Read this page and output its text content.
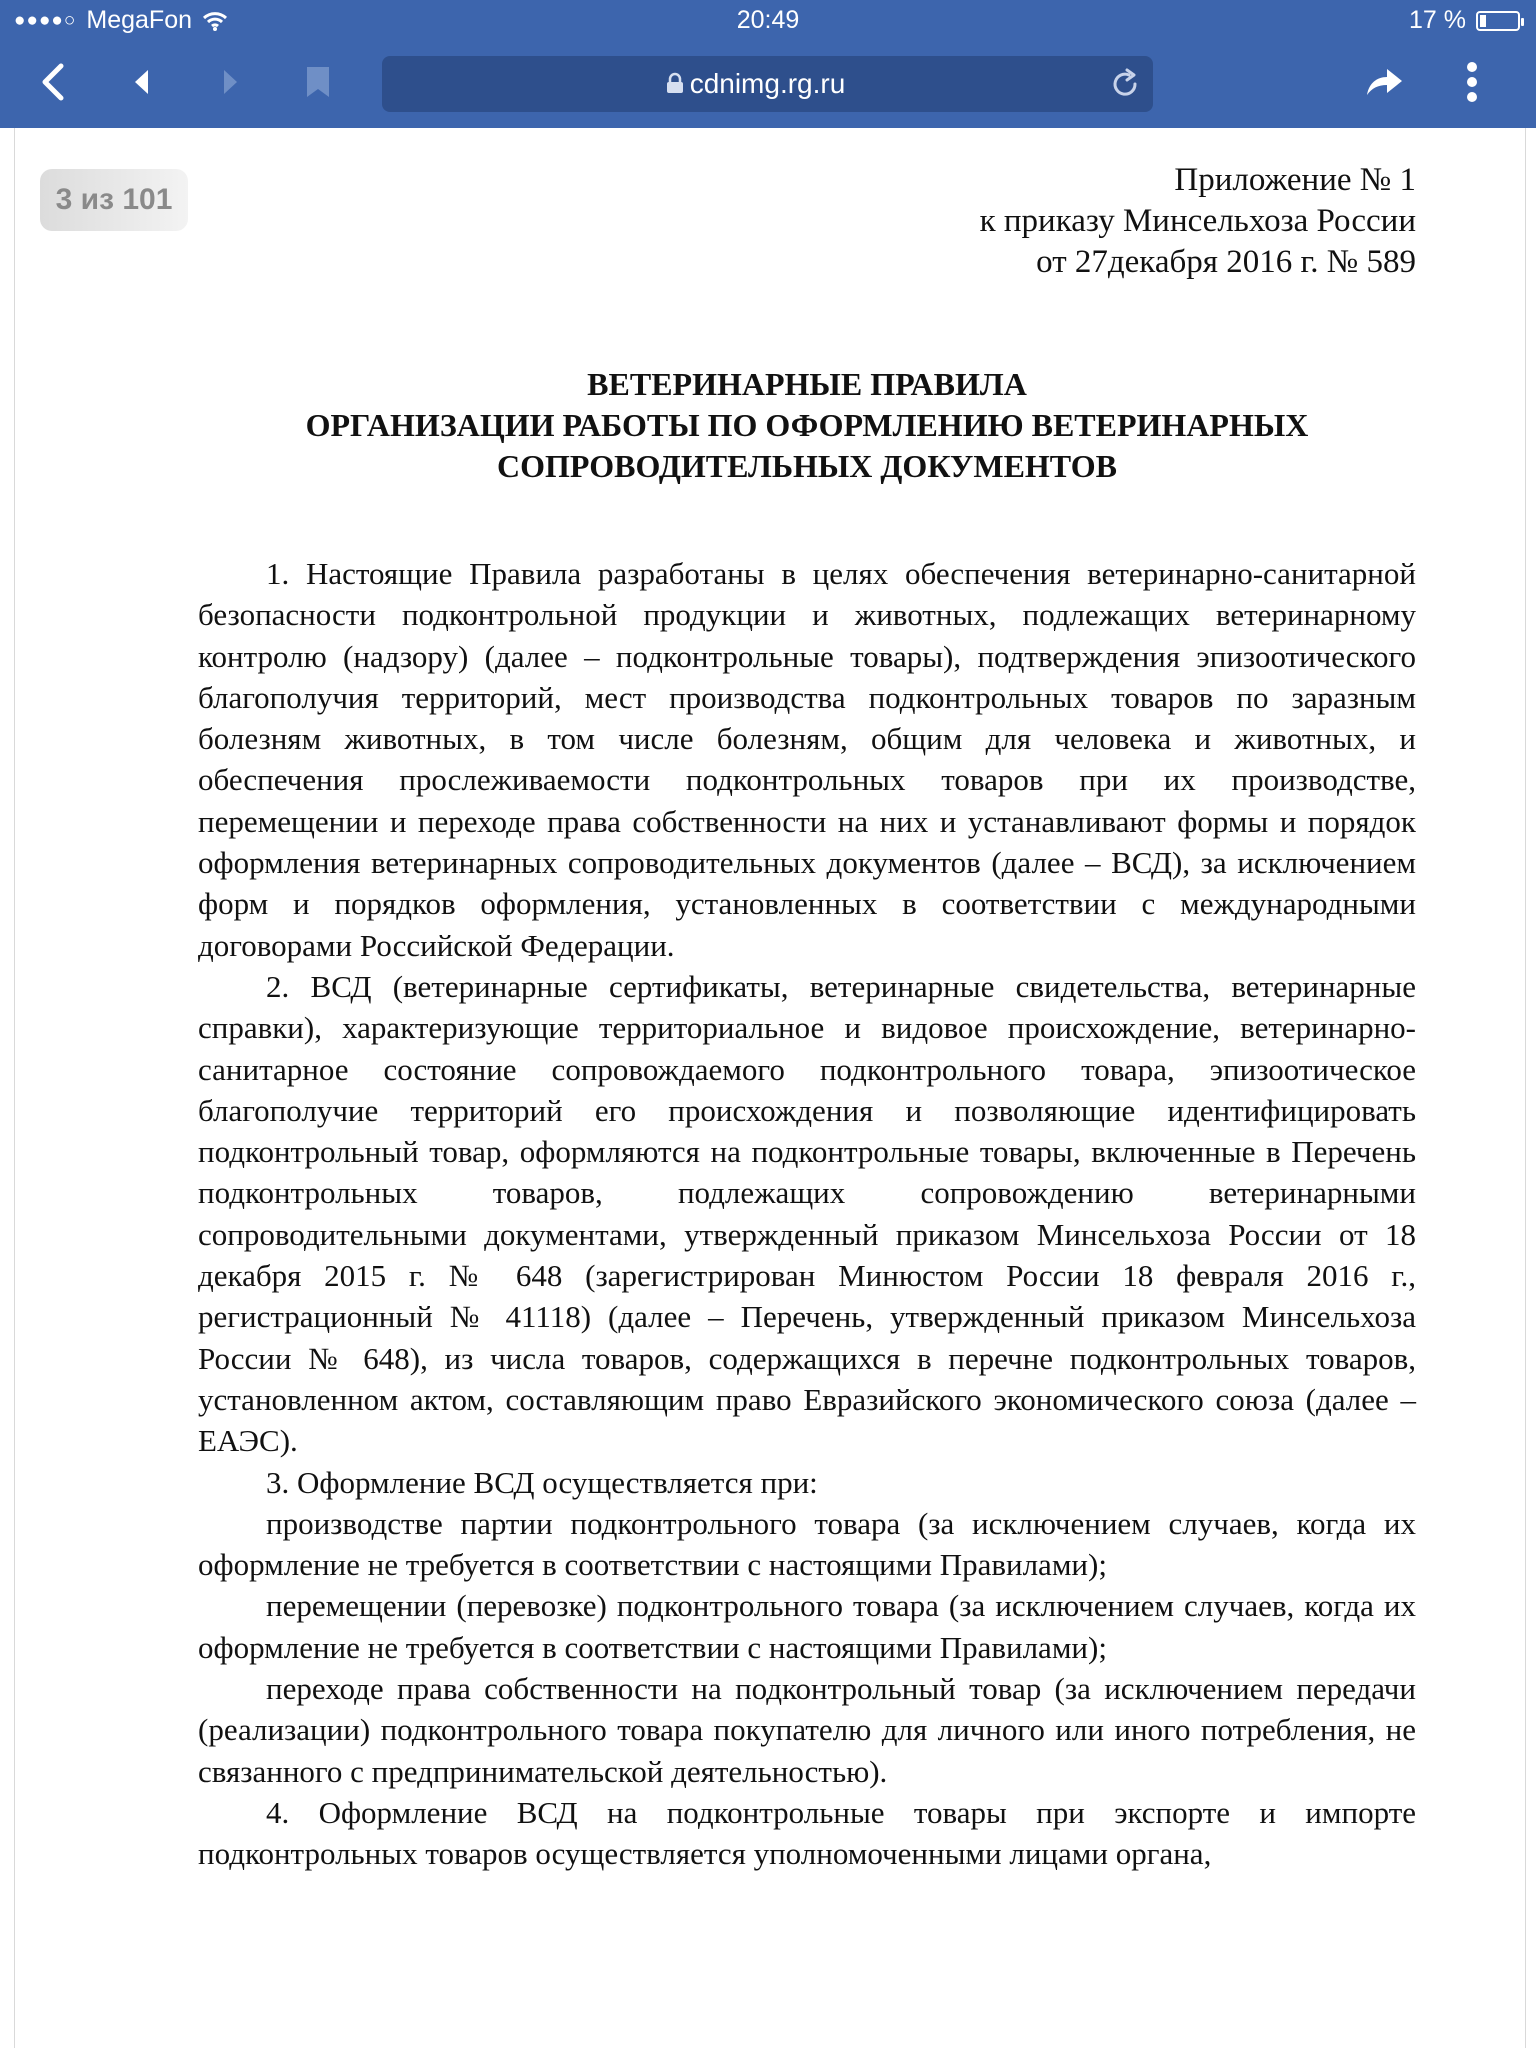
●●●●○ MegaFon	20:49	17 %
cdnimg.rg.ru
3 из 101
Приложение № 1
к приказу Минсельхоза России
от 27декабря 2016 г. № 589
ВЕТЕРИНАРНЫЕ ПРАВИЛА
ОРГАНИЗАЦИИ РАБОТЫ ПО ОФОРМЛЕНИЮ ВЕТЕРИНАРНЫХ
СОПРОВОДИТЕЛЬНЫХ ДОКУМЕНТОВ

1. Настоящие Правила разработаны в целях обеспечения ветеринарно-санитарной безопасности подконтрольной продукции и животных, подлежащих ветеринарному контролю (надзору) (далее – подконтрольные товары), подтверждения эпизоотического благополучия территорий, мест производства подконтрольных товаров по заразным болезням животных, в том числе болезням, общим для человека и животных, и обеспечения прослеживаемости подконтрольных товаров при их производстве, перемещении и переходе права собственности на них и устанавливают формы и порядок оформления ветеринарных сопроводительных документов (далее – ВСД), за исключением форм и порядков оформления, установленных в соответствии с международными договорами Российской Федерации.

2. ВСД (ветеринарные сертификаты, ветеринарные свидетельства, ветеринарные справки), характеризующие территориальное и видовое происхождение, ветеринарно-санитарное состояние сопровождаемого подконтрольного товара, эпизоотическое благополучие территорий его происхождения и позволяющие идентифицировать подконтрольный товар, оформляются на подконтрольные товары, включенные в Перечень подконтрольных товаров, подлежащих сопровождению ветеринарными сопроводительными документами, утвержденный приказом Минсельхоза России от 18 декабря 2015 г. № 648 (зарегистрирован Минюстом России 18 февраля 2016 г., регистрационный № 41118) (далее – Перечень, утвержденный приказом Минсельхоза России № 648), из числа товаров, содержащихся в перечне подконтрольных товаров, установленном актом, составляющим право Евразийского экономического союза (далее – ЕАЭС).

3. Оформление ВСД осуществляется при:

производстве партии подконтрольного товара (за исключением случаев, когда их оформление не требуется в соответствии с настоящими Правилами);

перемещении (перевозке) подконтрольного товара (за исключением случаев, когда их оформление не требуется в соответствии с настоящими Правилами);

переходе права собственности на подконтрольный товар (за исключением передачи (реализации) подконтрольного товара покупателю для личного или иного потребления, не связанного с предпринимательской деятельностью).

4. Оформление ВСД на подконтрольные товары при экспорте и импорте подконтрольных товаров осуществляется уполномоченными лицами органа,
